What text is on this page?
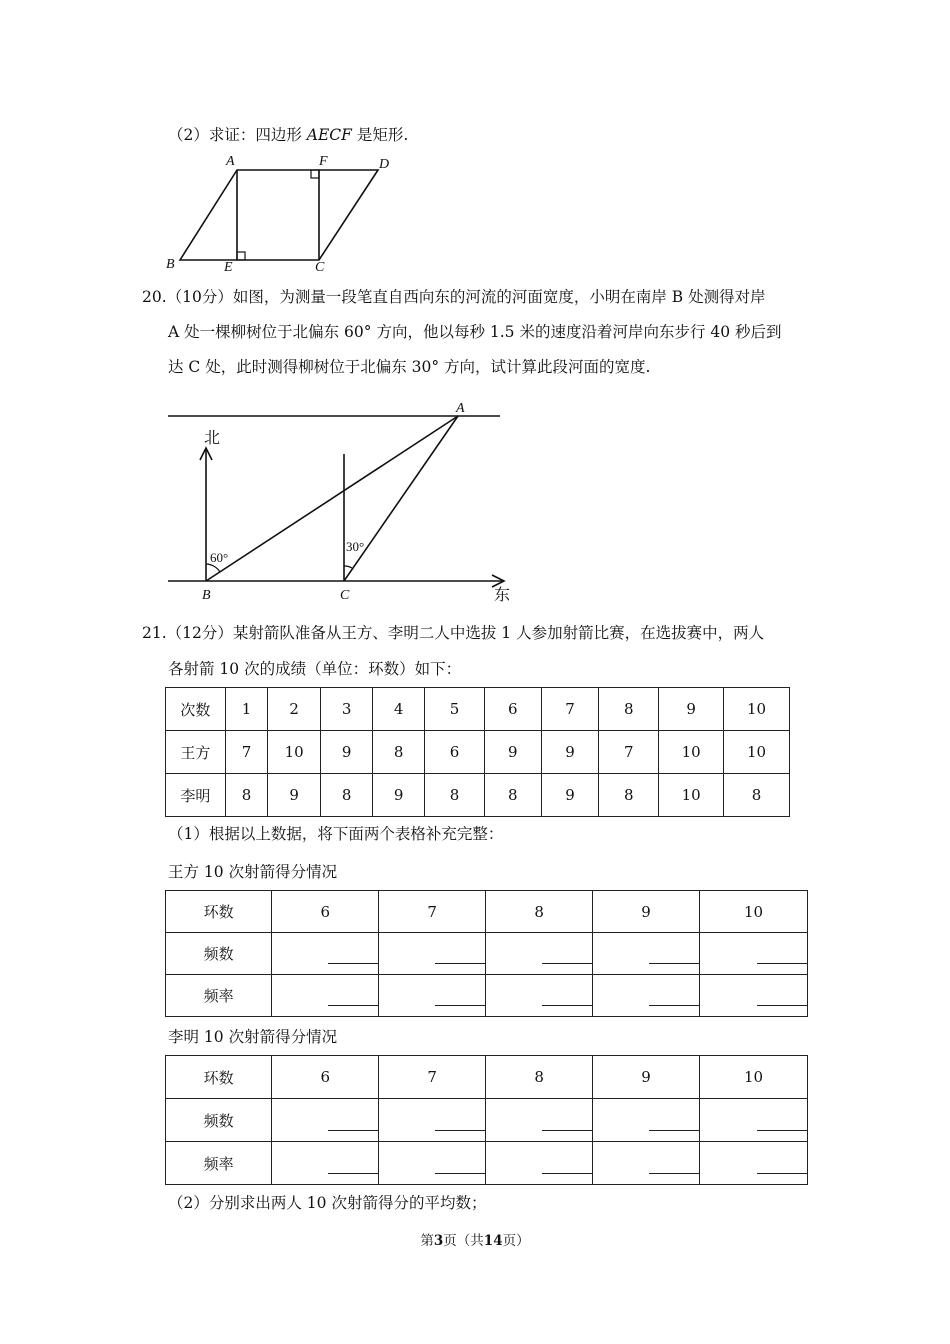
（2）求证：四边形 AECF 是矩形.
A	F	D
B	E	C
20.（10分）如图，为测量一段笔直自西向东的河流的河面宽度，小明在南岸 B 处测得对岸
A 处一棵柳树位于北偏东 60° 方向，他以每秒 1.5 米的速度沿着河岸向东步行 40 秒后到
达 C 处，此时测得柳树位于北偏东 30° 方向，试计算此段河面的宽度.
北
东
A
B	C
60°
30°
21.（12分）某射箭队准备从王方、李明二人中选拔 1 人参加射箭比赛，在选拔赛中，两人
各射箭 10 次的成绩（单位：环数）如下：
次数	1	2	3	4	5	6	7	8	9	10
王方	7	10	9	8	6	9	9	7	10	10
李明	8	9	8	9	8	8	9	8	10	8
（1）根据以上数据，将下面两个表格补充完整：
王方 10 次射箭得分情况
环数	6	7	8	9	10
频数					
频率					
李明 10 次射箭得分情况
环数	6	7	8	9	10
频数					
频率					
（2）分别求出两人 10 次射箭得分的平均数；
第3页（共14页）
